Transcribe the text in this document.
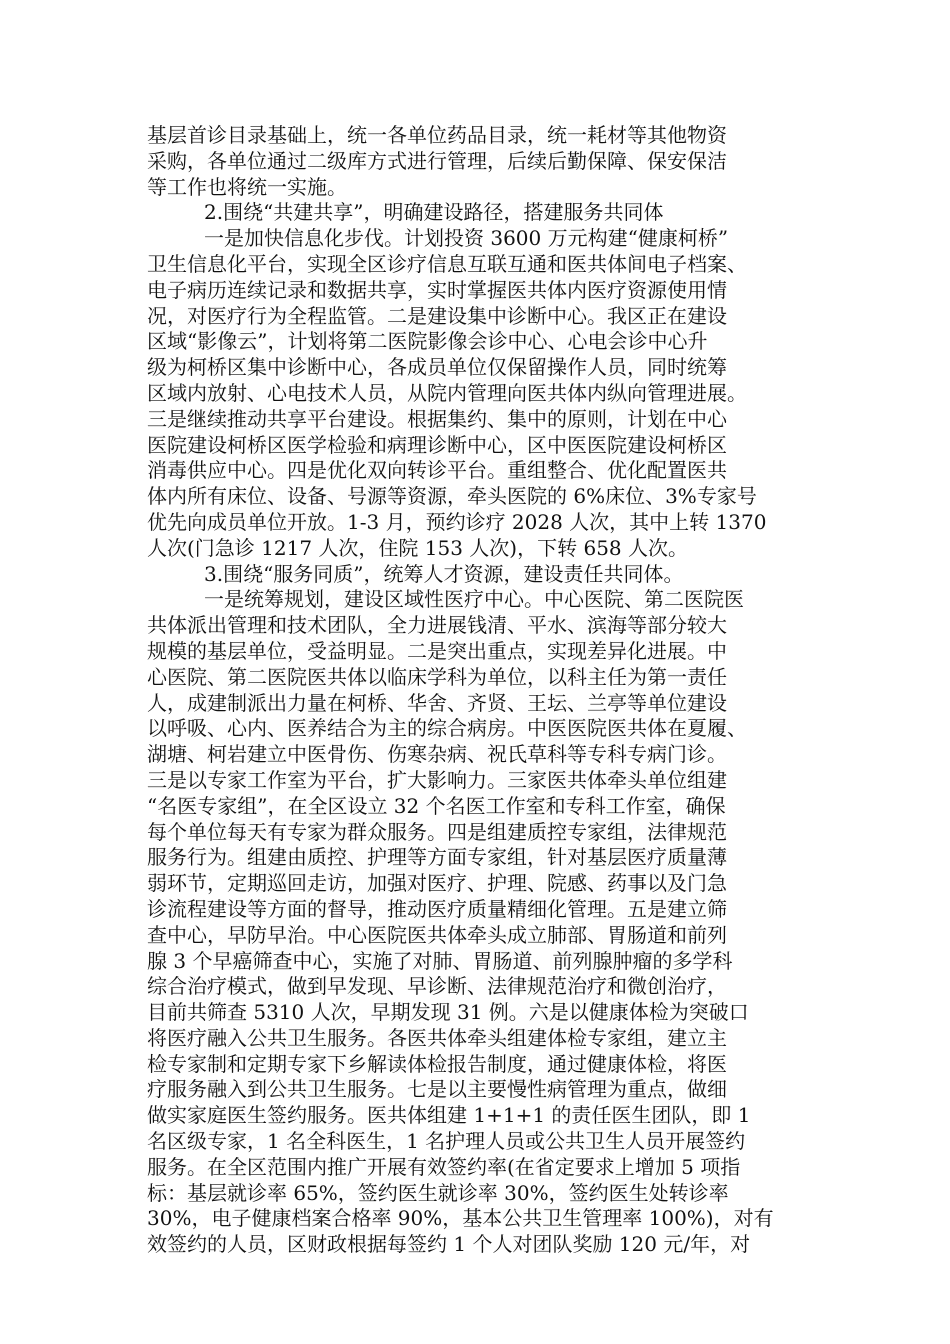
基层首诊目录基础上，统一各单位药品目录，统一耗材等其他物资
采购，各单位通过二级库方式进行管理，后续后勤保障、保安保洁
等工作也将统一实施。
2.围绕“共建共享”，明确建设路径，搭建服务共同体
一是加快信息化步伐。计划投资 3600 万元构建“健康柯桥”
卫生信息化平台，实现全区诊疗信息互联互通和医共体间电子档案、
电子病历连续记录和数据共享，实时掌握医共体内医疗资源使用情
况，对医疗行为全程监管。二是建设集中诊断中心。我区正在建设
区域“影像云”，计划将第二医院影像会诊中心、心电会诊中心升
级为柯桥区集中诊断中心，各成员单位仅保留操作人员，同时统筹
区域内放射、心电技术人员，从院内管理向医共体内纵向管理进展。
三是继续推动共享平台建设。根据集约、集中的原则，计划在中心
医院建设柯桥区医学检验和病理诊断中心，区中医医院建设柯桥区
消毒供应中心。四是优化双向转诊平台。重组整合、优化配置医共
体内所有床位、设备、号源等资源，牵头医院的 6%床位、3%专家号
优先向成员单位开放。1-3 月，预约诊疗 2028 人次，其中上转 1370
人次(门急诊 1217 人次，住院 153 人次)，下转 658 人次。
3.围绕“服务同质”，统筹人才资源，建设责任共同体。
一是统筹规划，建设区域性医疗中心。中心医院、第二医院医
共体派出管理和技术团队，全力进展钱清、平水、滨海等部分较大
规模的基层单位，受益明显。二是突出重点，实现差异化进展。中
心医院、第二医院医共体以临床学科为单位，以科主任为第一责任
人，成建制派出力量在柯桥、华舍、齐贤、王坛、兰亭等单位建设
以呼吸、心内、医养结合为主的综合病房。中医医院医共体在夏履、
湖塘、柯岩建立中医骨伤、伤寒杂病、祝氏草科等专科专病门诊。
三是以专家工作室为平台，扩大影响力。三家医共体牵头单位组建
“名医专家组”，在全区设立 32 个名医工作室和专科工作室，确保
每个单位每天有专家为群众服务。四是组建质控专家组，法律规范
服务行为。组建由质控、护理等方面专家组，针对基层医疗质量薄
弱环节，定期巡回走访，加强对医疗、护理、院感、药事以及门急
诊流程建设等方面的督导，推动医疗质量精细化管理。五是建立筛
查中心，早防早治。中心医院医共体牵头成立肺部、胃肠道和前列
腺 3 个早癌筛查中心，实施了对肺、胃肠道、前列腺肿瘤的多学科
综合治疗模式，做到早发现、早诊断、法律规范治疗和微创治疗，
目前共筛查 5310 人次，早期发现 31 例。六是以健康体检为突破口
将医疗融入公共卫生服务。各医共体牵头组建体检专家组，建立主
检专家制和定期专家下乡解读体检报告制度，通过健康体检，将医
疗服务融入到公共卫生服务。七是以主要慢性病管理为重点，做细
做实家庭医生签约服务。医共体组建 1+1+1 的责任医生团队，即 1
名区级专家，1 名全科医生，1 名护理人员或公共卫生人员开展签约
服务。在全区范围内推广开展有效签约率(在省定要求上增加 5 项指
标：基层就诊率 65%，签约医生就诊率 30%，签约医生处转诊率
30%，电子健康档案合格率 90%，基本公共卫生管理率 100%)，对有
效签约的人员，区财政根据每签约 1 个人对团队奖励 120 元/年，对
